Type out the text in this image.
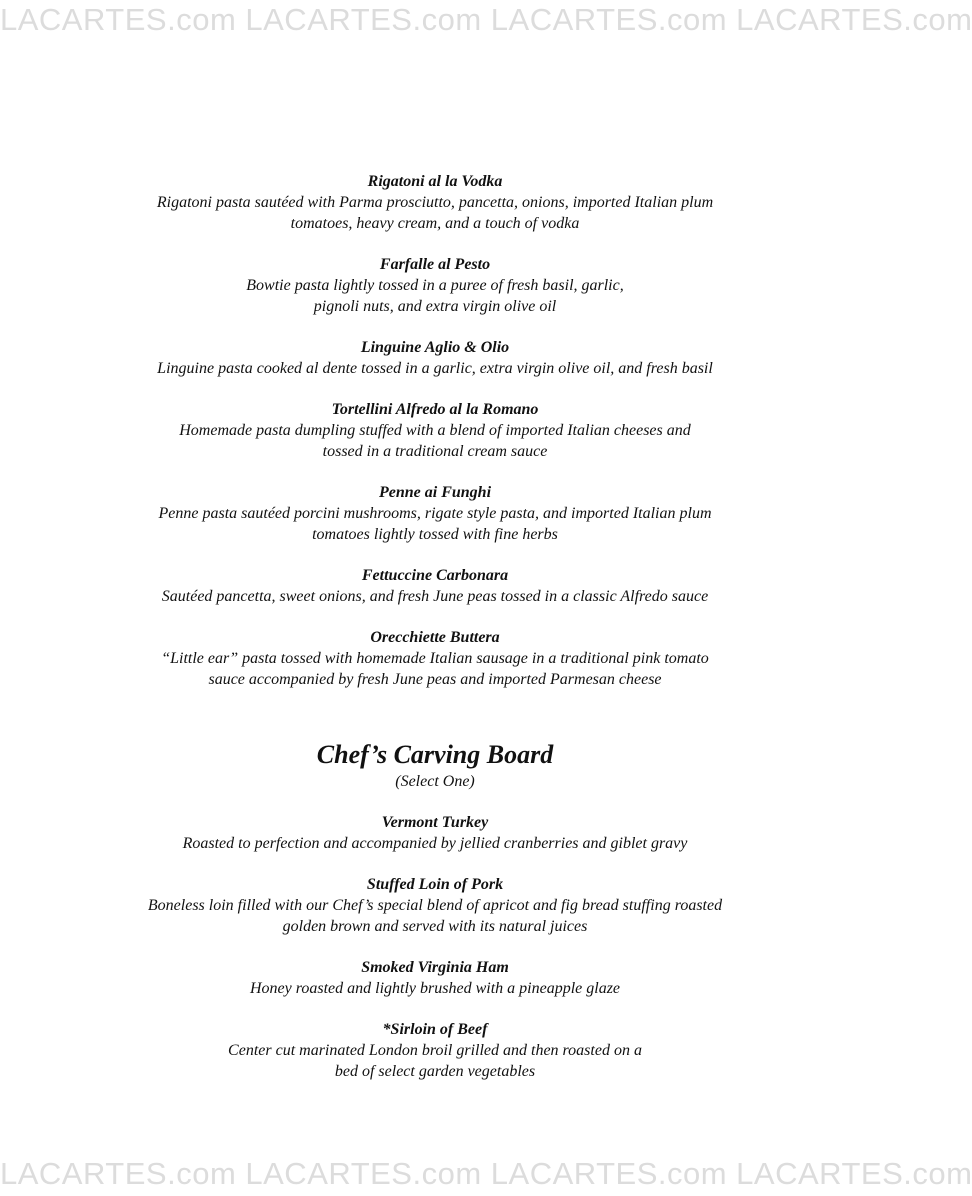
LACARTES.com LACARTES.com LACARTES.com LACARTES.com
Rigatoni al la Vodka
Rigatoni pasta sautéed with Parma prosciutto, pancetta, onions, imported Italian plum
tomatoes, heavy cream, and a touch of vodka
Farfalle al Pesto
Bowtie pasta lightly tossed in a puree of fresh basil, garlic,
pignoli nuts, and extra virgin olive oil
Linguine Aglio & Olio
Linguine pasta cooked al dente tossed in a garlic, extra virgin olive oil, and fresh basil
Tortellini Alfredo al la Romano
Homemade pasta dumpling stuffed with a blend of imported Italian cheeses and
tossed in a traditional cream sauce
Penne ai Funghi
Penne pasta sautéed porcini mushrooms, rigate style pasta, and imported Italian plum
tomatoes lightly tossed with fine herbs
Fettuccine Carbonara
Sautéed pancetta, sweet onions, and fresh June peas tossed in a classic Alfredo sauce
Orecchiette Buttera
“Little ear” pasta tossed with homemade Italian sausage in a traditional pink tomato
sauce accompanied by fresh June peas and imported Parmesan cheese
Chef’s Carving Board
(Select One)
Vermont Turkey
Roasted to perfection and accompanied by jellied cranberries and giblet gravy
Stuffed Loin of Pork
Boneless loin filled with our Chef’s special blend of apricot and fig bread stuffing roasted
golden brown and served with its natural juices
Smoked Virginia Ham
Honey roasted and lightly brushed with a pineapple glaze
*Sirloin of Beef
Center cut marinated London broil grilled and then roasted on a
bed of select garden vegetables
LACARTES.com LACARTES.com LACARTES.com LACARTES.com
